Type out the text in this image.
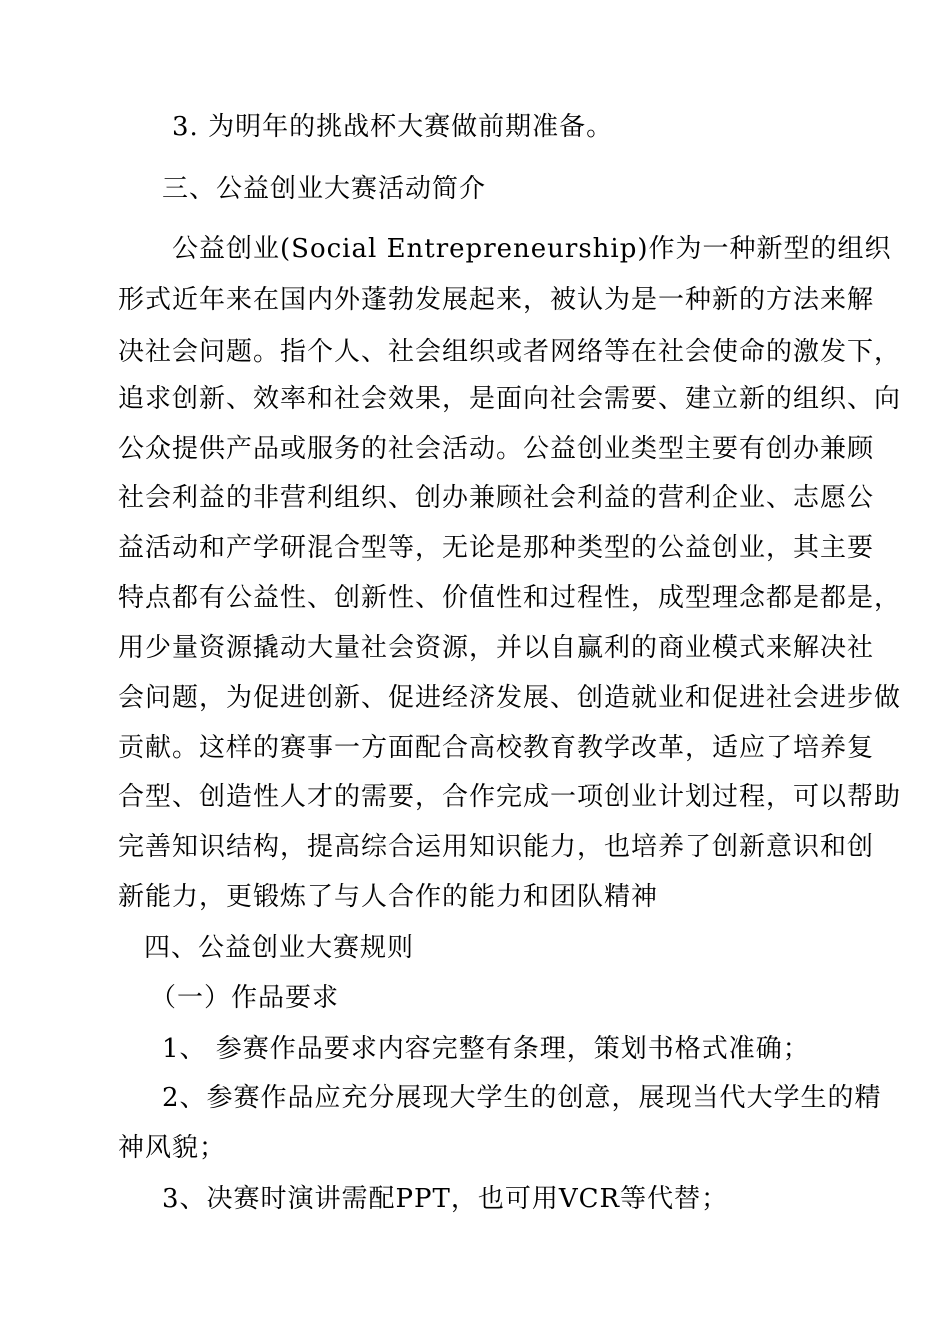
3. 为明年的挑战杯大赛做前期准备。
三、公益创业大赛活动简介
公益创业(Social Entrepreneurship)作为一种新型的组织
形式近年来在国内外蓬勃发展起来，被认为是一种新的方法来解
决社会问题。指个人、社会组织或者网络等在社会使命的激发下，
追求创新、效率和社会效果，是面向社会需要、建立新的组织、向
公众提供产品或服务的社会活动。公益创业类型主要有创办兼顾
社会利益的非营利组织、创办兼顾社会利益的营利企业、志愿公
益活动和产学研混合型等，无论是那种类型的公益创业，其主要
特点都有公益性、创新性、价值性和过程性，成型理念都是都是，
用少量资源撬动大量社会资源，并以自赢利的商业模式来解决社
会问题，为促进创新、促进经济发展、创造就业和促进社会进步做
贡献。这样的赛事一方面配合高校教育教学改革，适应了培养复
合型、创造性人才的需要，合作完成一项创业计划过程，可以帮助
完善知识结构，提高综合运用知识能力，也培养了创新意识和创
新能力，更锻炼了与人合作的能力和团队精神
四、公益创业大赛规则
（一）作品要求
1、 参赛作品要求内容完整有条理，策划书格式准确；
2、参赛作品应充分展现大学生的创意，展现当代大学生的精
神风貌；
3、决赛时演讲需配PPT，也可用VCR等代替；
